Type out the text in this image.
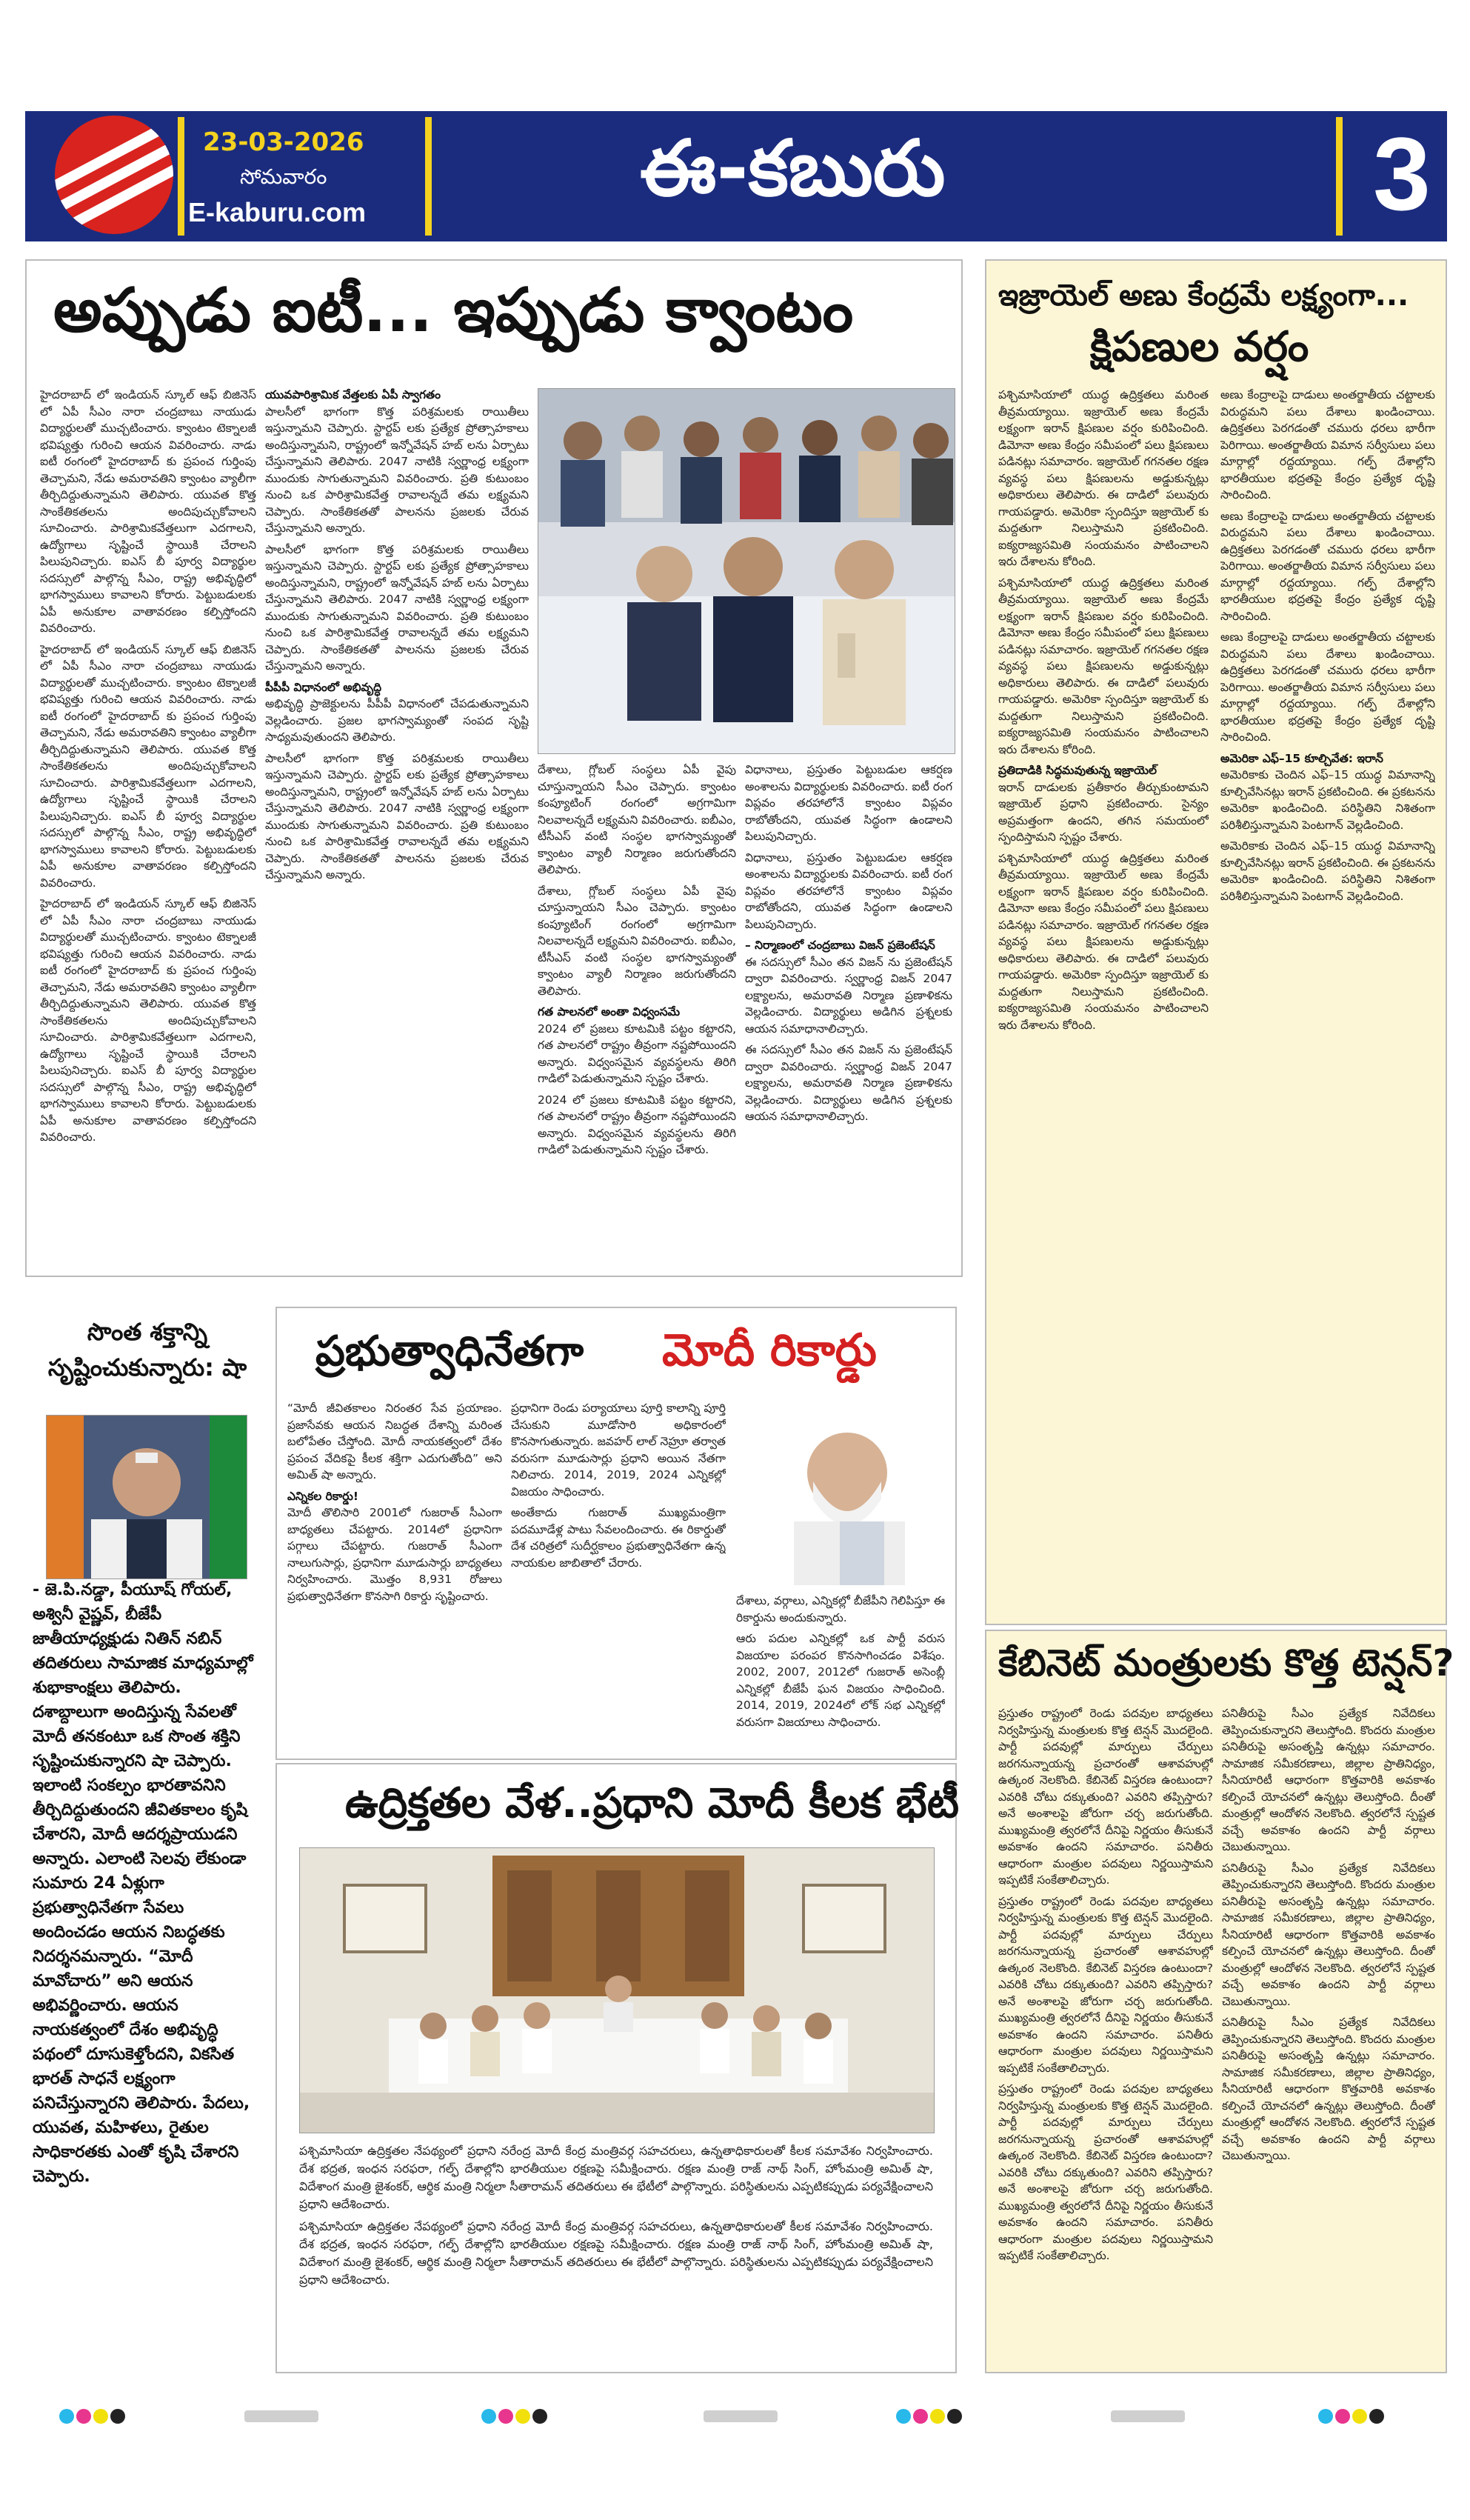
23-03-2026
సోమవారం
E-kaburu.com	ఈ-కబురు	3
అప్పుడు ఐటీ... ఇప్పుడు క్వాంటం

హైదరాబాద్ లో ఇండియన్ స్కూల్ ఆఫ్ బిజినెస్ లో ఏపీ సీఎం నారా చంద్రబాబు నాయుడు విద్యార్థులతో ముచ్చటించారు. క్వాంటం టెక్నాలజీ భవిష్యత్తు గురించి ఆయన వివరించారు. నాడు ఐటీ రంగంలో హైదరాబాద్ కు ప్రపంచ గుర్తింపు తెచ్చామని, నేడు అమరావతిని క్వాంటం వ్యాలీగా తీర్చిదిద్దుతున్నామని తెలిపారు. యువత కొత్త సాంకేతికతలను అందిపుచ్చుకోవాలని సూచించారు. పారిశ్రామికవేత్తలుగా ఎదగాలని, ఉద్యోగాలు సృష్టించే స్థాయికి చేరాలని పిలుపునిచ్చారు. ఐఎస్ బీ పూర్వ విద్యార్థుల సదస్సులో పాల్గొన్న సీఎం, రాష్ట్ర అభివృద్ధిలో భాగస్వాములు కావాలని కోరారు. పెట్టుబడులకు ఏపీ అనుకూల వాతావరణం కల్పిస్తోందని వివరించారు.

హైదరాబాద్ లో ఇండియన్ స్కూల్ ఆఫ్ బిజినెస్ లో ఏపీ సీఎం నారా చంద్రబాబు నాయుడు విద్యార్థులతో ముచ్చటించారు. క్వాంటం టెక్నాలజీ భవిష్యత్తు గురించి ఆయన వివరించారు. నాడు ఐటీ రంగంలో హైదరాబాద్ కు ప్రపంచ గుర్తింపు తెచ్చామని, నేడు అమరావతిని క్వాంటం వ్యాలీగా తీర్చిదిద్దుతున్నామని తెలిపారు. యువత కొత్త సాంకేతికతలను అందిపుచ్చుకోవాలని సూచించారు. పారిశ్రామికవేత్తలుగా ఎదగాలని, ఉద్యోగాలు సృష్టించే స్థాయికి చేరాలని పిలుపునిచ్చారు. ఐఎస్ బీ పూర్వ విద్యార్థుల సదస్సులో పాల్గొన్న సీఎం, రాష్ట్ర అభివృద్ధిలో భాగస్వాములు కావాలని కోరారు. పెట్టుబడులకు ఏపీ అనుకూల వాతావరణం కల్పిస్తోందని వివరించారు.

హైదరాబాద్ లో ఇండియన్ స్కూల్ ఆఫ్ బిజినెస్ లో ఏపీ సీఎం నారా చంద్రబాబు నాయుడు విద్యార్థులతో ముచ్చటించారు. క్వాంటం టెక్నాలజీ భవిష్యత్తు గురించి ఆయన వివరించారు. నాడు ఐటీ రంగంలో హైదరాబాద్ కు ప్రపంచ గుర్తింపు తెచ్చామని, నేడు అమరావతిని క్వాంటం వ్యాలీగా తీర్చిదిద్దుతున్నామని తెలిపారు. యువత కొత్త సాంకేతికతలను అందిపుచ్చుకోవాలని సూచించారు. పారిశ్రామికవేత్తలుగా ఎదగాలని, ఉద్యోగాలు సృష్టించే స్థాయికి చేరాలని పిలుపునిచ్చారు. ఐఎస్ బీ పూర్వ విద్యార్థుల సదస్సులో పాల్గొన్న సీఎం, రాష్ట్ర అభివృద్ధిలో భాగస్వాములు కావాలని కోరారు. పెట్టుబడులకు ఏపీ అనుకూల వాతావరణం కల్పిస్తోందని వివరించారు.

యువపారిశ్రామిక వేత్తలకు ఏపీ స్వాగతం

పాలసీలో భాగంగా కొత్త పరిశ్రమలకు రాయితీలు ఇస్తున్నామని చెప్పారు. స్టార్టప్ లకు ప్రత్యేక ప్రోత్సాహకాలు అందిస్తున్నామని, రాష్ట్రంలో ఇన్నోవేషన్ హబ్ లను ఏర్పాటు చేస్తున్నామని తెలిపారు. 2047 నాటికి స్వర్ణాంధ్ర లక్ష్యంగా ముందుకు సాగుతున్నామని వివరించారు. ప్రతి కుటుంబం నుంచి ఒక పారిశ్రామికవేత్త రావాలన్నదే తమ లక్ష్యమని చెప్పారు. సాంకేతికతతో పాలనను ప్రజలకు చేరువ చేస్తున్నామని అన్నారు.

పాలసీలో భాగంగా కొత్త పరిశ్రమలకు రాయితీలు ఇస్తున్నామని చెప్పారు. స్టార్టప్ లకు ప్రత్యేక ప్రోత్సాహకాలు అందిస్తున్నామని, రాష్ట్రంలో ఇన్నోవేషన్ హబ్ లను ఏర్పాటు చేస్తున్నామని తెలిపారు. 2047 నాటికి స్వర్ణాంధ్ర లక్ష్యంగా ముందుకు సాగుతున్నామని వివరించారు. ప్రతి కుటుంబం నుంచి ఒక పారిశ్రామికవేత్త రావాలన్నదే తమ లక్ష్యమని చెప్పారు. సాంకేతికతతో పాలనను ప్రజలకు చేరువ చేస్తున్నామని అన్నారు.

పీపీపీ విధానంలో అభివృద్ధి

అభివృద్ధి ప్రాజెక్టులను పీపీపీ విధానంలో చేపడుతున్నామని వెల్లడించారు. ప్రజల భాగస్వామ్యంతో సంపద సృష్టి సాధ్యమవుతుందని తెలిపారు.

పాలసీలో భాగంగా కొత్త పరిశ్రమలకు రాయితీలు ఇస్తున్నామని చెప్పారు. స్టార్టప్ లకు ప్రత్యేక ప్రోత్సాహకాలు అందిస్తున్నామని, రాష్ట్రంలో ఇన్నోవేషన్ హబ్ లను ఏర్పాటు చేస్తున్నామని తెలిపారు. 2047 నాటికి స్వర్ణాంధ్ర లక్ష్యంగా ముందుకు సాగుతున్నామని వివరించారు. ప్రతి కుటుంబం నుంచి ఒక పారిశ్రామికవేత్త రావాలన్నదే తమ లక్ష్యమని చెప్పారు. సాంకేతికతతో పాలనను ప్రజలకు చేరువ చేస్తున్నామని అన్నారు.

దేశాలు, గ్లోబల్ సంస్థలు ఏపీ వైపు చూస్తున్నాయని సీఎం చెప్పారు. క్వాంటం కంప్యూటింగ్ రంగంలో అగ్రగామిగా నిలవాలన్నదే లక్ష్యమని వివరించారు. ఐబీఎం, టీసీఎస్ వంటి సంస్థల భాగస్వామ్యంతో క్వాంటం వ్యాలీ నిర్మాణం జరుగుతోందని తెలిపారు.

దేశాలు, గ్లోబల్ సంస్థలు ఏపీ వైపు చూస్తున్నాయని సీఎం చెప్పారు. క్వాంటం కంప్యూటింగ్ రంగంలో అగ్రగామిగా నిలవాలన్నదే లక్ష్యమని వివరించారు. ఐబీఎం, టీసీఎస్ వంటి సంస్థల భాగస్వామ్యంతో క్వాంటం వ్యాలీ నిర్మాణం జరుగుతోందని తెలిపారు.

గత పాలనలో అంతా విధ్వంసమే

2024 లో ప్రజలు కూటమికి పట్టం కట్టారని, గత పాలనలో రాష్ట్రం తీవ్రంగా నష్టపోయిందని అన్నారు. విధ్వంసమైన వ్యవస్థలను తిరిగి గాడిలో పెడుతున్నామని స్పష్టం చేశారు.

2024 లో ప్రజలు కూటమికి పట్టం కట్టారని, గత పాలనలో రాష్ట్రం తీవ్రంగా నష్టపోయిందని అన్నారు. విధ్వంసమైన వ్యవస్థలను తిరిగి గాడిలో పెడుతున్నామని స్పష్టం చేశారు.

విధానాలు, ప్రస్తుతం పెట్టుబడుల ఆకర్షణ అంశాలను విద్యార్థులకు వివరించారు. ఐటీ రంగ విప్లవం తరహాలోనే క్వాంటం విప్లవం రాబోతోందని, యువత సిద్ధంగా ఉండాలని పిలుపునిచ్చారు.

విధానాలు, ప్రస్తుతం పెట్టుబడుల ఆకర్షణ అంశాలను విద్యార్థులకు వివరించారు. ఐటీ రంగ విప్లవం తరహాలోనే క్వాంటం విప్లవం రాబోతోందని, యువత సిద్ధంగా ఉండాలని పిలుపునిచ్చారు.

– నిర్మాణంలో చంద్రబాబు విజన్ ప్రజెంటేషన్

ఈ సదస్సులో సీఎం తన విజన్ ను ప్రజెంటేషన్ ద్వారా వివరించారు. స్వర్ణాంధ్ర విజన్ 2047 లక్ష్యాలను, అమరావతి నిర్మాణ ప్రణాళికను వెల్లడించారు. విద్యార్థులు అడిగిన ప్రశ్నలకు ఆయన సమాధానాలిచ్చారు.

ఈ సదస్సులో సీఎం తన విజన్ ను ప్రజెంటేషన్ ద్వారా వివరించారు. స్వర్ణాంధ్ర విజన్ 2047 లక్ష్యాలను, అమరావతి నిర్మాణ ప్రణాళికను వెల్లడించారు. విద్యార్థులు అడిగిన ప్రశ్నలకు ఆయన సమాధానాలిచ్చారు.

ఇజ్రాయెల్ అణు కేంద్రమే లక్ష్యంగా...
క్షిపణుల వర్షం

పశ్చిమాసియాలో యుద్ధ ఉద్రిక్తతలు మరింత తీవ్రమయ్యాయి. ఇజ్రాయెల్ అణు కేంద్రమే లక్ష్యంగా ఇరాన్ క్షిపణుల వర్షం కురిపించింది. డిమోనా అణు కేంద్రం సమీపంలో పలు క్షిపణులు పడినట్లు సమాచారం. ఇజ్రాయెల్ గగనతల రక్షణ వ్యవస్థ పలు క్షిపణులను అడ్డుకున్నట్లు అధికారులు తెలిపారు. ఈ దాడిలో పలువురు గాయపడ్డారు. అమెరికా స్పందిస్తూ ఇజ్రాయెల్ కు మద్దతుగా నిలుస్తామని ప్రకటించింది. ఐక్యరాజ్యసమితి సంయమనం పాటించాలని ఇరు దేశాలను కోరింది.

పశ్చిమాసియాలో యుద్ధ ఉద్రిక్తతలు మరింత తీవ్రమయ్యాయి. ఇజ్రాయెల్ అణు కేంద్రమే లక్ష్యంగా ఇరాన్ క్షిపణుల వర్షం కురిపించింది. డిమోనా అణు కేంద్రం సమీపంలో పలు క్షిపణులు పడినట్లు సమాచారం. ఇజ్రాయెల్ గగనతల రక్షణ వ్యవస్థ పలు క్షిపణులను అడ్డుకున్నట్లు అధికారులు తెలిపారు. ఈ దాడిలో పలువురు గాయపడ్డారు. అమెరికా స్పందిస్తూ ఇజ్రాయెల్ కు మద్దతుగా నిలుస్తామని ప్రకటించింది. ఐక్యరాజ్యసమితి సంయమనం పాటించాలని ఇరు దేశాలను కోరింది.

ప్రతిదాడికి సిద్ధమవుతున్న ఇజ్రాయెల్

ఇరాన్ దాడులకు ప్రతీకారం తీర్చుకుంటామని ఇజ్రాయెల్ ప్రధాని ప్రకటించారు. సైన్యం అప్రమత్తంగా ఉందని, తగిన సమయంలో స్పందిస్తామని స్పష్టం చేశారు.

పశ్చిమాసియాలో యుద్ధ ఉద్రిక్తతలు మరింత తీవ్రమయ్యాయి. ఇజ్రాయెల్ అణు కేంద్రమే లక్ష్యంగా ఇరాన్ క్షిపణుల వర్షం కురిపించింది. డిమోనా అణు కేంద్రం సమీపంలో పలు క్షిపణులు పడినట్లు సమాచారం. ఇజ్రాయెల్ గగనతల రక్షణ వ్యవస్థ పలు క్షిపణులను అడ్డుకున్నట్లు అధికారులు తెలిపారు. ఈ దాడిలో పలువురు గాయపడ్డారు. అమెరికా స్పందిస్తూ ఇజ్రాయెల్ కు మద్దతుగా నిలుస్తామని ప్రకటించింది. ఐక్యరాజ్యసమితి సంయమనం పాటించాలని ఇరు దేశాలను కోరింది.

అణు కేంద్రాలపై దాడులు అంతర్జాతీయ చట్టాలకు విరుద్ధమని పలు దేశాలు ఖండించాయి. ఉద్రిక్తతలు పెరగడంతో చమురు ధరలు భారీగా పెరిగాయి. అంతర్జాతీయ విమాన సర్వీసులు పలు మార్గాల్లో రద్దయ్యాయి. గల్ఫ్ దేశాల్లోని భారతీయుల భద్రతపై కేంద్రం ప్రత్యేక దృష్టి సారించింది.

అణు కేంద్రాలపై దాడులు అంతర్జాతీయ చట్టాలకు విరుద్ధమని పలు దేశాలు ఖండించాయి. ఉద్రిక్తతలు పెరగడంతో చమురు ధరలు భారీగా పెరిగాయి. అంతర్జాతీయ విమాన సర్వీసులు పలు మార్గాల్లో రద్దయ్యాయి. గల్ఫ్ దేశాల్లోని భారతీయుల భద్రతపై కేంద్రం ప్రత్యేక దృష్టి సారించింది.

అణు కేంద్రాలపై దాడులు అంతర్జాతీయ చట్టాలకు విరుద్ధమని పలు దేశాలు ఖండించాయి. ఉద్రిక్తతలు పెరగడంతో చమురు ధరలు భారీగా పెరిగాయి. అంతర్జాతీయ విమాన సర్వీసులు పలు మార్గాల్లో రద్దయ్యాయి. గల్ఫ్ దేశాల్లోని భారతీయుల భద్రతపై కేంద్రం ప్రత్యేక దృష్టి సారించింది.

అమెరికా ఎఫ్–15 కూల్చివేత: ఇరాన్

అమెరికాకు చెందిన ఎఫ్–15 యుద్ధ విమానాన్ని కూల్చివేసినట్లు ఇరాన్ ప్రకటించింది. ఈ ప్రకటనను అమెరికా ఖండించింది. పరిస్థితిని నిశితంగా పరిశీలిస్తున్నామని పెంటగాన్ వెల్లడించింది.

అమెరికాకు చెందిన ఎఫ్–15 యుద్ధ విమానాన్ని కూల్చివేసినట్లు ఇరాన్ ప్రకటించింది. ఈ ప్రకటనను అమెరికా ఖండించింది. పరిస్థితిని నిశితంగా పరిశీలిస్తున్నామని పెంటగాన్ వెల్లడించింది.

సొంత శక్తాన్ని సృష్టించుకున్నారు: షా
- జె.పి.నడ్డా, పీయూష్ గోయల్, అశ్వినీ వైష్ణవ్, బీజేపీ జాతీయాధ్యక్షుడు నితిన్ నబిన్ తదితరులు సామాజిక మాధ్యమాల్లో శుభాకాంక్షలు తెలిపారు. దశాబ్దాలుగా అందిస్తున్న సేవలతో మోదీ తనకంటూ ఒక సొంత శక్తిని సృష్టించుకున్నారని షా చెప్పారు. ఇలాంటి సంకల్పం భారతావనిని తీర్చిదిద్దుతుందని జీవితకాలం కృషి చేశారని, మోదీ ఆదర్శప్రాయుడని అన్నారు. ఎలాంటి సెలవు లేకుండా సుమారు 24 ఏళ్లుగా ప్రభుత్వాధినేతగా సేవలు అందించడం ఆయన నిబద్ధతకు నిదర్శనమన్నారు. “మోదీ మావోచారు” అని ఆయన అభివర్ణించారు. ఆయన నాయకత్వంలో దేశం అభివృద్ధి పథంలో దూసుకెళ్తోందని, వికసిత భారత్ సాధనే లక్ష్యంగా పనిచేస్తున్నారని తెలిపారు. పేదలు, యువత, మహిళలు, రైతుల సాధికారతకు ఎంతో కృషి చేశారని చెప్పారు.
ప్రభుత్వాధినేతగా మోదీ రికార్డు

“మోదీ జీవితకాలం నిరంతర సేవ ప్రయాణం. ప్రజాసేవకు ఆయన నిబద్ధత దేశాన్ని మరింత బలోపేతం చేస్తోంది. మోదీ నాయకత్వంలో దేశం ప్రపంచ వేదికపై కీలక శక్తిగా ఎదుగుతోంది” అని అమిత్ షా అన్నారు.

ఎన్నికల రికార్డు!

మోదీ తొలిసారి 2001లో గుజరాత్ సీఎంగా బాధ్యతలు చేపట్టారు. 2014లో ప్రధానిగా పగ్గాలు చేపట్టారు. గుజరాత్ సీఎంగా నాలుగుసార్లు, ప్రధానిగా మూడుసార్లు బాధ్యతలు నిర్వహించారు. మొత్తం 8,931 రోజులు ప్రభుత్వాధినేతగా కొనసాగి రికార్డు సృష్టించారు.

ప్రధానిగా రెండు పర్యాయాలు పూర్తి కాలాన్ని పూర్తి చేసుకుని మూడోసారి అధికారంలో కొనసాగుతున్నారు. జవహర్ లాల్ నెహ్రూ తర్వాత వరుసగా మూడుసార్లు ప్రధాని అయిన నేతగా నిలిచారు. 2014, 2019, 2024 ఎన్నికల్లో విజయం సాధించారు.

అంతేకాదు గుజరాత్ ముఖ్యమంత్రిగా పదమూడేళ్ల పాటు సేవలందించారు. ఈ రికార్డుతో దేశ చరిత్రలో సుదీర్ఘకాలం ప్రభుత్వాధినేతగా ఉన్న నాయకుల జాబితాలో చేరారు.

దేశాలు, వర్గాలు, ఎన్నికల్లో బీజేపీని గెలిపిస్తూ ఈ రికార్డును అందుకున్నారు.

ఆరు పదుల ఎన్నికల్లో ఒక పార్టీ వరుస విజయాల పరంపర కొనసాగించడం విశేషం. 2002, 2007, 2012లో గుజరాత్ అసెంబ్లీ ఎన్నికల్లో బీజేపీ ఘన విజయం సాధించింది. 2014, 2019, 2024లో లోక్ సభ ఎన్నికల్లో వరుసగా విజయాలు సాధించారు.

ఉద్రిక్తతల వేళ..ప్రధాని మోదీ కీలక భేటీ

పశ్చిమాసియా ఉద్రిక్తతల నేపథ్యంలో ప్రధాని నరేంద్ర మోదీ కేంద్ర మంత్రివర్గ సహచరులు, ఉన్నతాధికారులతో కీలక సమావేశం నిర్వహించారు. దేశ భద్రత, ఇంధన సరఫరా, గల్ఫ్ దేశాల్లోని భారతీయుల రక్షణపై సమీక్షించారు. రక్షణ మంత్రి రాజ్ నాథ్ సింగ్, హోంమంత్రి అమిత్ షా, విదేశాంగ మంత్రి జైశంకర్, ఆర్థిక మంత్రి నిర్మలా సీతారామన్ తదితరులు ఈ భేటీలో పాల్గొన్నారు. పరిస్థితులను ఎప్పటికప్పుడు పర్యవేక్షించాలని ప్రధాని ఆదేశించారు.

పశ్చిమాసియా ఉద్రిక్తతల నేపథ్యంలో ప్రధాని నరేంద్ర మోదీ కేంద్ర మంత్రివర్గ సహచరులు, ఉన్నతాధికారులతో కీలక సమావేశం నిర్వహించారు. దేశ భద్రత, ఇంధన సరఫరా, గల్ఫ్ దేశాల్లోని భారతీయుల రక్షణపై సమీక్షించారు. రక్షణ మంత్రి రాజ్ నాథ్ సింగ్, హోంమంత్రి అమిత్ షా, విదేశాంగ మంత్రి జైశంకర్, ఆర్థిక మంత్రి నిర్మలా సీతారామన్ తదితరులు ఈ భేటీలో పాల్గొన్నారు. పరిస్థితులను ఎప్పటికప్పుడు పర్యవేక్షించాలని ప్రధాని ఆదేశించారు.

కేబినెట్ మంత్రులకు కొత్త టెన్షన్?

ప్రస్తుతం రాష్ట్రంలో రెండు పదవుల బాధ్యతలు నిర్వహిస్తున్న మంత్రులకు కొత్త టెన్షన్ మొదలైంది. పార్టీ పదవుల్లో మార్పులు చేర్పులు జరగనున్నాయన్న ప్రచారంతో ఆశావహుల్లో ఉత్కంఠ నెలకొంది. కేబినెట్ విస్తరణ ఉంటుందా? ఎవరికి చోటు దక్కుతుంది? ఎవరిని తప్పిస్తారు? అనే అంశాలపై జోరుగా చర్చ జరుగుతోంది. ముఖ్యమంత్రి త్వరలోనే దీనిపై నిర్ణయం తీసుకునే అవకాశం ఉందని సమాచారం. పనితీరు ఆధారంగా మంత్రుల పదవులు నిర్ణయిస్తామని ఇప్పటికే సంకేతాలిచ్చారు.

ప్రస్తుతం రాష్ట్రంలో రెండు పదవుల బాధ్యతలు నిర్వహిస్తున్న మంత్రులకు కొత్త టెన్షన్ మొదలైంది. పార్టీ పదవుల్లో మార్పులు చేర్పులు జరగనున్నాయన్న ప్రచారంతో ఆశావహుల్లో ఉత్కంఠ నెలకొంది. కేబినెట్ విస్తరణ ఉంటుందా? ఎవరికి చోటు దక్కుతుంది? ఎవరిని తప్పిస్తారు? అనే అంశాలపై జోరుగా చర్చ జరుగుతోంది. ముఖ్యమంత్రి త్వరలోనే దీనిపై నిర్ణయం తీసుకునే అవకాశం ఉందని సమాచారం. పనితీరు ఆధారంగా మంత్రుల పదవులు నిర్ణయిస్తామని ఇప్పటికే సంకేతాలిచ్చారు.

ప్రస్తుతం రాష్ట్రంలో రెండు పదవుల బాధ్యతలు నిర్వహిస్తున్న మంత్రులకు కొత్త టెన్షన్ మొదలైంది. పార్టీ పదవుల్లో మార్పులు చేర్పులు జరగనున్నాయన్న ప్రచారంతో ఆశావహుల్లో ఉత్కంఠ నెలకొంది. కేబినెట్ విస్తరణ ఉంటుందా? ఎవరికి చోటు దక్కుతుంది? ఎవరిని తప్పిస్తారు? అనే అంశాలపై జోరుగా చర్చ జరుగుతోంది. ముఖ్యమంత్రి త్వరలోనే దీనిపై నిర్ణయం తీసుకునే అవకాశం ఉందని సమాచారం. పనితీరు ఆధారంగా మంత్రుల పదవులు నిర్ణయిస్తామని ఇప్పటికే సంకేతాలిచ్చారు.

పనితీరుపై సీఎం ప్రత్యేక నివేదికలు తెప్పించుకున్నారని తెలుస్తోంది. కొందరు మంత్రుల పనితీరుపై అసంతృప్తి ఉన్నట్లు సమాచారం. సామాజిక సమీకరణాలు, జిల్లాల ప్రాతినిధ్యం, సీనియారిటీ ఆధారంగా కొత్తవారికి అవకాశం కల్పించే యోచనలో ఉన్నట్లు తెలుస్తోంది. దీంతో మంత్రుల్లో ఆందోళన నెలకొంది. త్వరలోనే స్పష్టత వచ్చే అవకాశం ఉందని పార్టీ వర్గాలు చెబుతున్నాయి.

పనితీరుపై సీఎం ప్రత్యేక నివేదికలు తెప్పించుకున్నారని తెలుస్తోంది. కొందరు మంత్రుల పనితీరుపై అసంతృప్తి ఉన్నట్లు సమాచారం. సామాజిక సమీకరణాలు, జిల్లాల ప్రాతినిధ్యం, సీనియారిటీ ఆధారంగా కొత్తవారికి అవకాశం కల్పించే యోచనలో ఉన్నట్లు తెలుస్తోంది. దీంతో మంత్రుల్లో ఆందోళన నెలకొంది. త్వరలోనే స్పష్టత వచ్చే అవకాశం ఉందని పార్టీ వర్గాలు చెబుతున్నాయి.

పనితీరుపై సీఎం ప్రత్యేక నివేదికలు తెప్పించుకున్నారని తెలుస్తోంది. కొందరు మంత్రుల పనితీరుపై అసంతృప్తి ఉన్నట్లు సమాచారం. సామాజిక సమీకరణాలు, జిల్లాల ప్రాతినిధ్యం, సీనియారిటీ ఆధారంగా కొత్తవారికి అవకాశం కల్పించే యోచనలో ఉన్నట్లు తెలుస్తోంది. దీంతో మంత్రుల్లో ఆందోళన నెలకొంది. త్వరలోనే స్పష్టత వచ్చే అవకాశం ఉందని పార్టీ వర్గాలు చెబుతున్నాయి.
